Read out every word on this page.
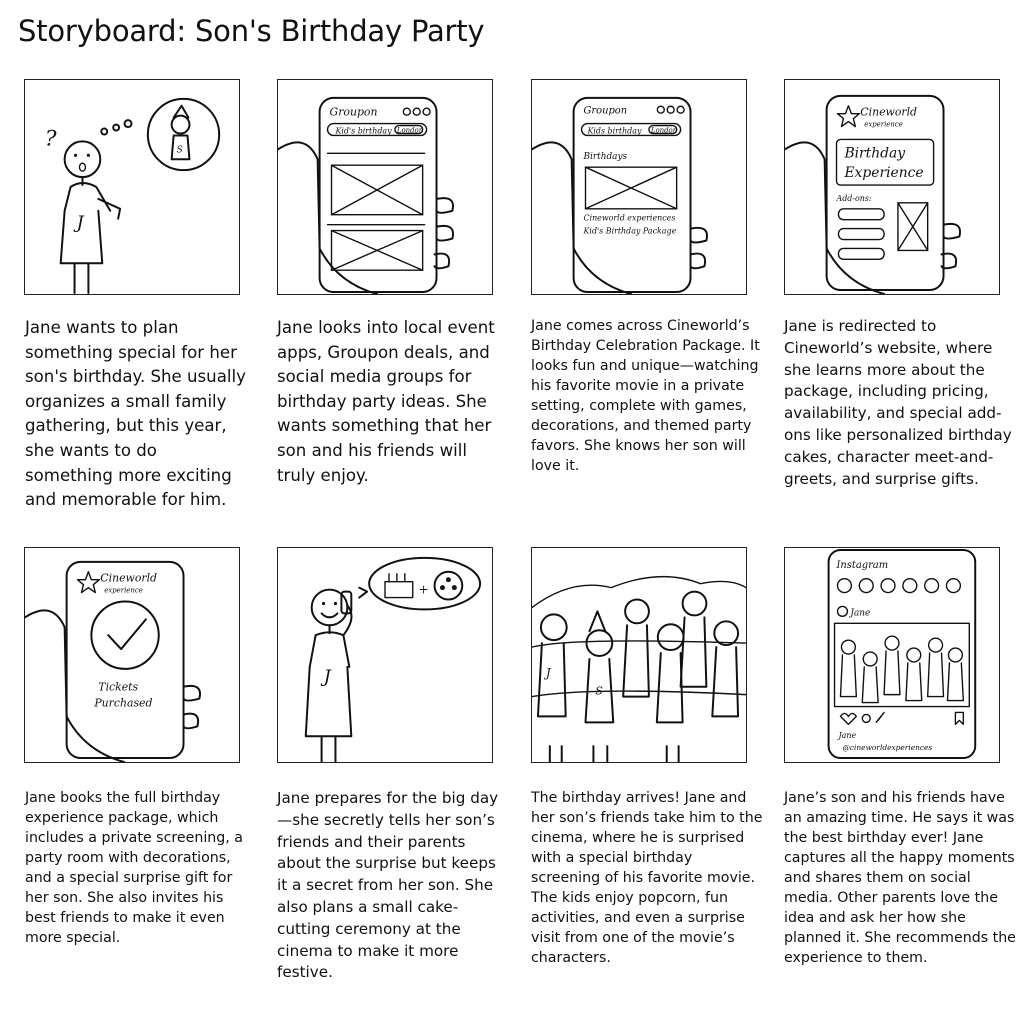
Storyboard: Son's Birthday Party
?
J
S
Jane wants to plan something special for her son's birthday. She usually organizes a small family gathering, but this year, she wants to do something more exciting and memorable for him.
Groupon
Kid's birthday London
Jane looks into local event apps, Groupon deals, and social media groups for birthday party ideas. She wants something that her son and his friends will truly enjoy.
Groupon
Kids birthday London
Birthdays
Cineworld experiences
Kid's Birthday Package
Jane comes across Cineworld’s Birthday Celebration Package. It looks fun and unique—watching his favorite movie in a private setting, complete with games, decorations, and themed party favors. She knows her son will love it.
Cineworld
experience
Birthday
Experience
Add-ons:
Jane is redirected to Cineworld’s website, where she learns more about the package, including pricing, availability, and special add-ons like personalized birthday cakes, character meet-and-greets, and surprise gifts.
Cineworld
experience
Tickets
Purchased
Jane books the full birthday experience package, which includes a private screening, a party room with decorations, and a special surprise gift for her son. She also invites his best friends to make it even more special.
J
+
Jane prepares for the big day—she secretly tells her son’s friends and their parents about the surprise but keeps it a secret from her son. She also plans a small cake-cutting ceremony at the cinema to make it more festive.
J
S
The birthday arrives! Jane and her son’s friends take him to the cinema, where he is surprised with a special birthday screening of his favorite movie. The kids enjoy popcorn, fun activities, and even a surprise visit from one of the movie’s characters.
Instagram
Jane
Jane
@cineworldexperiences
Jane’s son and his friends have an amazing time. He says it was the best birthday ever! Jane captures all the happy moments and shares them on social media. Other parents love the idea and ask her how she planned it. She recommends the experience to them.
